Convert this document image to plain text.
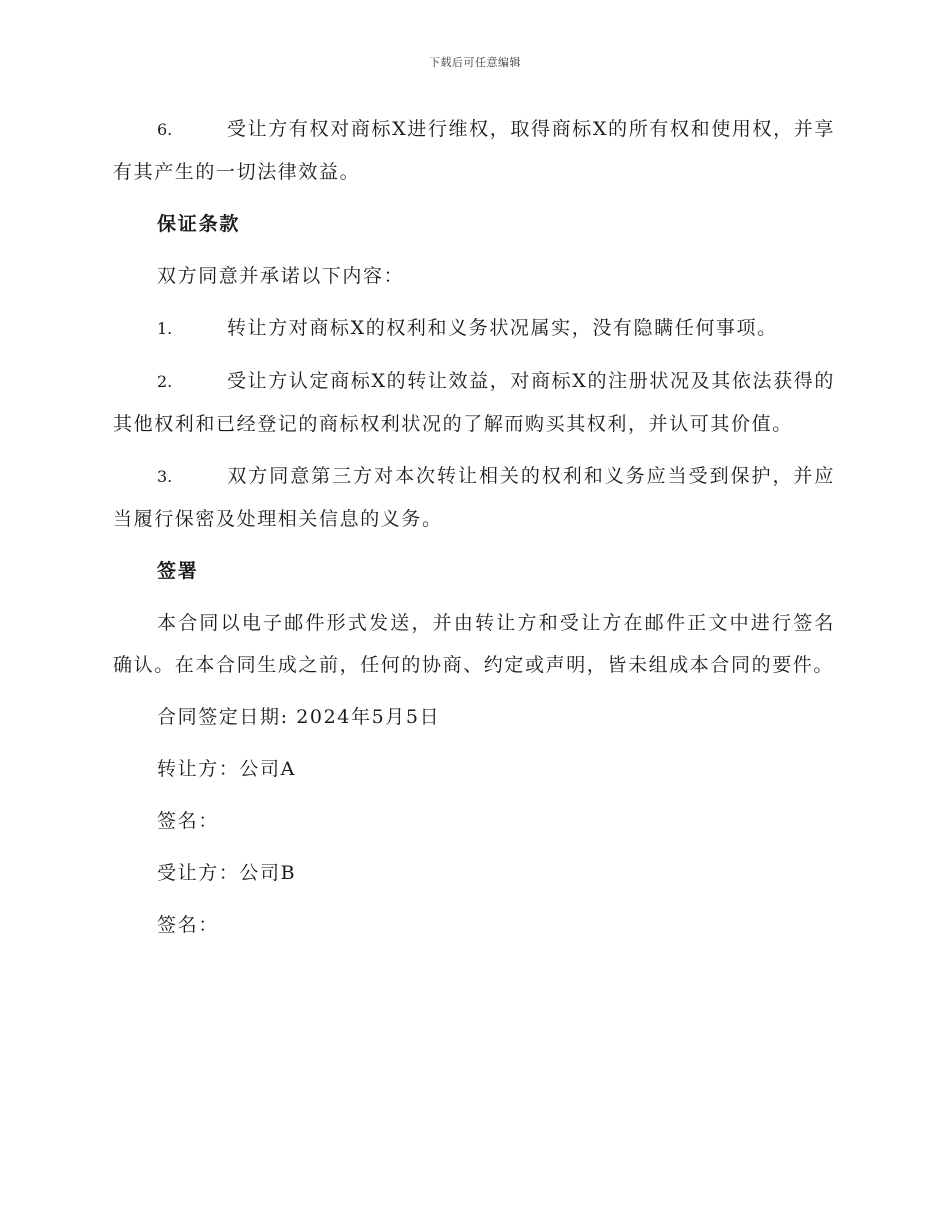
下载后可任意编辑

6.	受让方有权对商标X进行维权，取得商标X的所有权和使用权，并享有其产生的一切法律效益。

保证条款

双方同意并承诺以下内容：

1.	转让方对商标X的权利和义务状况属实，没有隐瞒任何事项。

2.	受让方认定商标X的转让效益，对商标X的注册状况及其依法获得的其他权利和已经登记的商标权利状况的了解而购买其权利，并认可其价值。

3.	双方同意第三方对本次转让相关的权利和义务应当受到保护，并应当履行保密及处理相关信息的义务。

签署

本合同以电子邮件形式发送，并由转让方和受让方在邮件正文中进行签名确认。在本合同生成之前，任何的协商、约定或声明，皆未组成本合同的要件。

合同签定日期: 2024年5月5日

转让方：公司A

签名：

受让方：公司B

签名：
